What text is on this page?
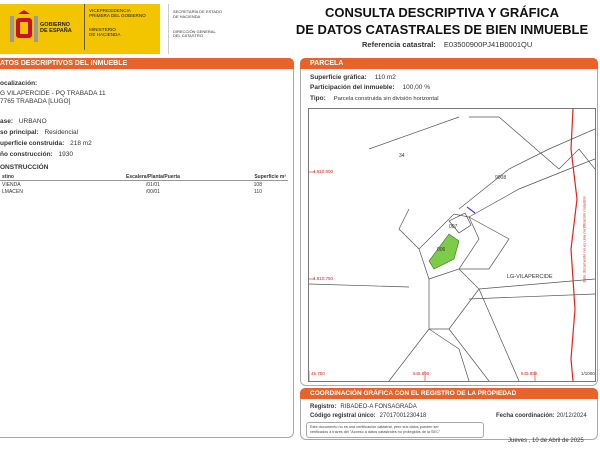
GOBIERNO
DE ESPAÑA
VICEPRESIDENCIA
PRIMERA DEL GOBIERNO
MINISTERIO
DE HACIENDA
SECRETARÍA DE ESTADO
DE HACIENDA
DIRECCIÓN GENERAL
DEL CATASTRO
CONSULTA DESCRIPTIVA Y GRÁFICA
DE DATOS CATASTRALES DE BIEN INMUEBLE
Referencia catastral: E03500900PJ41B0001QU
ATOS DESCRIPTIVOS DEL INMUEBLE
ocalización:
G VILAPERCIDE - PQ TRABADA 11
7765 TRABADA [LUGO]
ase: URBANO
so principal: Residencial
uperficie construida: 218 m2
ño construcción: 1930
ONSTRUCCIÓN
stino	Escalera/Planta/Puerta	Superficie m²
VIENDA	/01/01	108
LMACEN	/00/01	110
PARCELA
Superficie gráfica: 110 m2
Participación del inmueble: 100,00 %
Tipo: Parcela construida sin división horizontal
34
9008
007
006
LG-VILAPERCIDE
4.810.800
4.810.750
45.750	645.800	645.850	1/1000
Este documento no es una certificación catastral
COORDINACIÓN GRÁFICA CON EL REGISTRO DE LA PROPIEDAD
Registro: RIBADEO-A FONSAGRADA
Código registral único: 27017001230418	Fecha coordinación: 20/12/2024
Este documento no es una certificación catastral, pero sus datos pueden ser
verificados a través del "Acceso a datos catastrales no protegidos de la SEC"
Jueves , 10 de Abril de 2025
